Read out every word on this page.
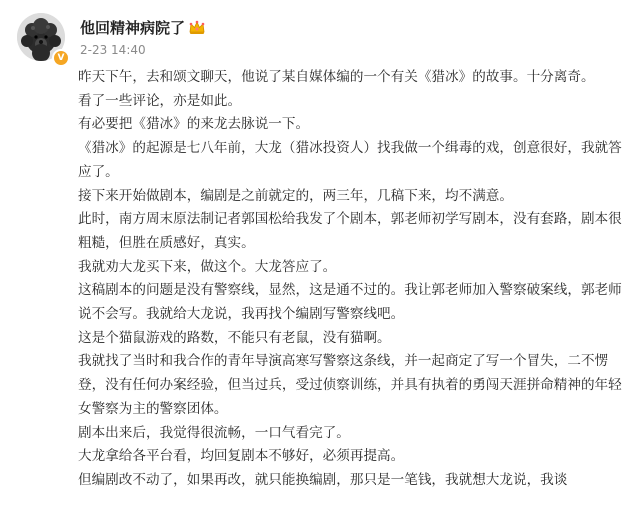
V
他回精神病院了
2-23 14:40

昨天下午，去和颂文聊天，他说了某自媒体编的一个有关《猎冰》的故事。十分离奇。

看了一些评论，亦是如此。

有必要把《猎冰》的来龙去脉说一下。

《猎冰》的起源是七八年前，大龙（猎冰投资人）找我做一个缉毒的戏，创意很好，我就答应了。

接下来开始做剧本，编剧是之前就定的，两三年，几稿下来，均不满意。

此时，南方周末原法制记者郭国松给我发了个剧本，郭老师初学写剧本，没有套路，剧本很粗糙，但胜在质感好，真实。

我就劝大龙买下来，做这个。大龙答应了。

这稿剧本的问题是没有警察线，显然，这是通不过的。我让郭老师加入警察破案线，郭老师说不会写。我就给大龙说，我再找个编剧写警察线吧。

这是个猫鼠游戏的路数，不能只有老鼠，没有猫啊。

我就找了当时和我合作的青年导演高寒写警察这条线，并一起商定了写一个冒失，二不愣登，没有任何办案经验，但当过兵，受过侦察训练，并具有执着的勇闯天涯拼命精神的年轻女警察为主的警察团体。

剧本出来后，我觉得很流畅，一口气看完了。

大龙拿给各平台看，均回复剧本不够好，必须再提高。

但编剧改不动了，如果再改，就只能换编剧，那只是一笔钱，我就想大龙说，我谈
